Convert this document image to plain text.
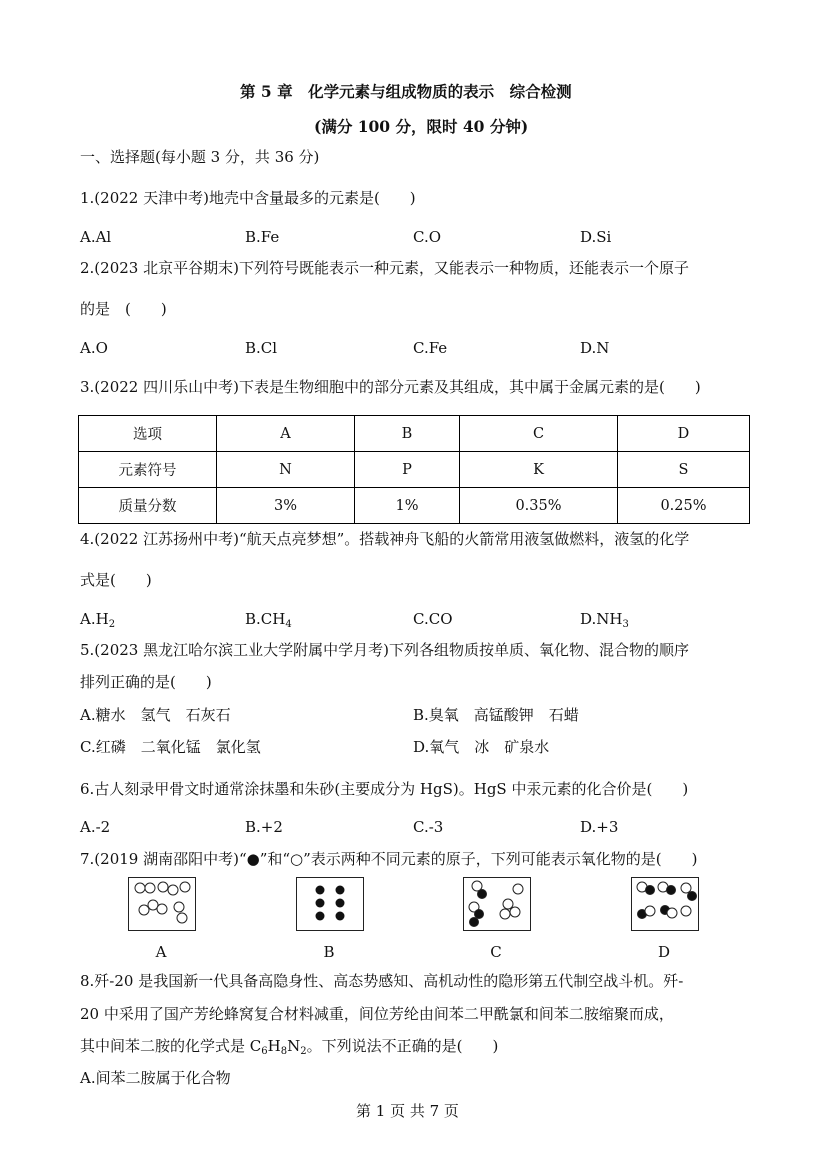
第 5 章　化学元素与组成物质的表示　综合检测
(满分 100 分，限时 40 分钟)
一、选择题(每小题 3 分，共 36 分)
1.(2022 天津中考)地壳中含量最多的元素是(　　)
A.Al	B.Fe	C.O	D.Si
2.(2023 北京平谷期末)下列符号既能表示一种元素，又能表示一种物质，还能表示一个原子
的是　(　　)
A.O	B.Cl	C.Fe	D.N
3.(2022 四川乐山中考)下表是生物细胞中的部分元素及其组成，其中属于金属元素的是(　　)
选项	A	B	C	D
元素符号	N	P	K	S
质量分数	3%	1%	0.35%	0.25%
4.(2022 江苏扬州中考)“航天点亮梦想”。搭载神舟飞船的火箭常用液氢做燃料，液氢的化学
式是(　　)
$A.H_2$	$B.CH_4$	C.CO	$D.NH_3$
5.(2023 黑龙江哈尔滨工业大学附属中学月考)下列各组物质按单质、氧化物、混合物的顺序
排列正确的是(　　)
A.糖水　氢气　石灰石	B.臭氧　高锰酸钾　石蜡
C.红磷　二氧化锰　氯化氢	D.氧气　冰　矿泉水
6.古人刻录甲骨文时通常涂抹墨和朱砂(主要成分为 HgS)。HgS 中汞元素的化合价是(　　)
A.-2	B.+2	C.-3	D.+3
7.(2019 湖南邵阳中考)“●”和“○”表示两种不同元素的原子，下列可能表示氧化物的是(　　)
A	B	C	D
8.歼-20 是我国新一代具备高隐身性、高态势感知、高机动性的隐形第五代制空战斗机。歼-
20 中采用了国产芳纶蜂窝复合材料减重，间位芳纶由间苯二甲酰氯和间苯二胺缩聚而成，
其中间苯二胺的化学式是 $C_6H_8N_2$。下列说法不正确的是(　　)
A.间苯二胺属于化合物
第 1 页 共 7 页
